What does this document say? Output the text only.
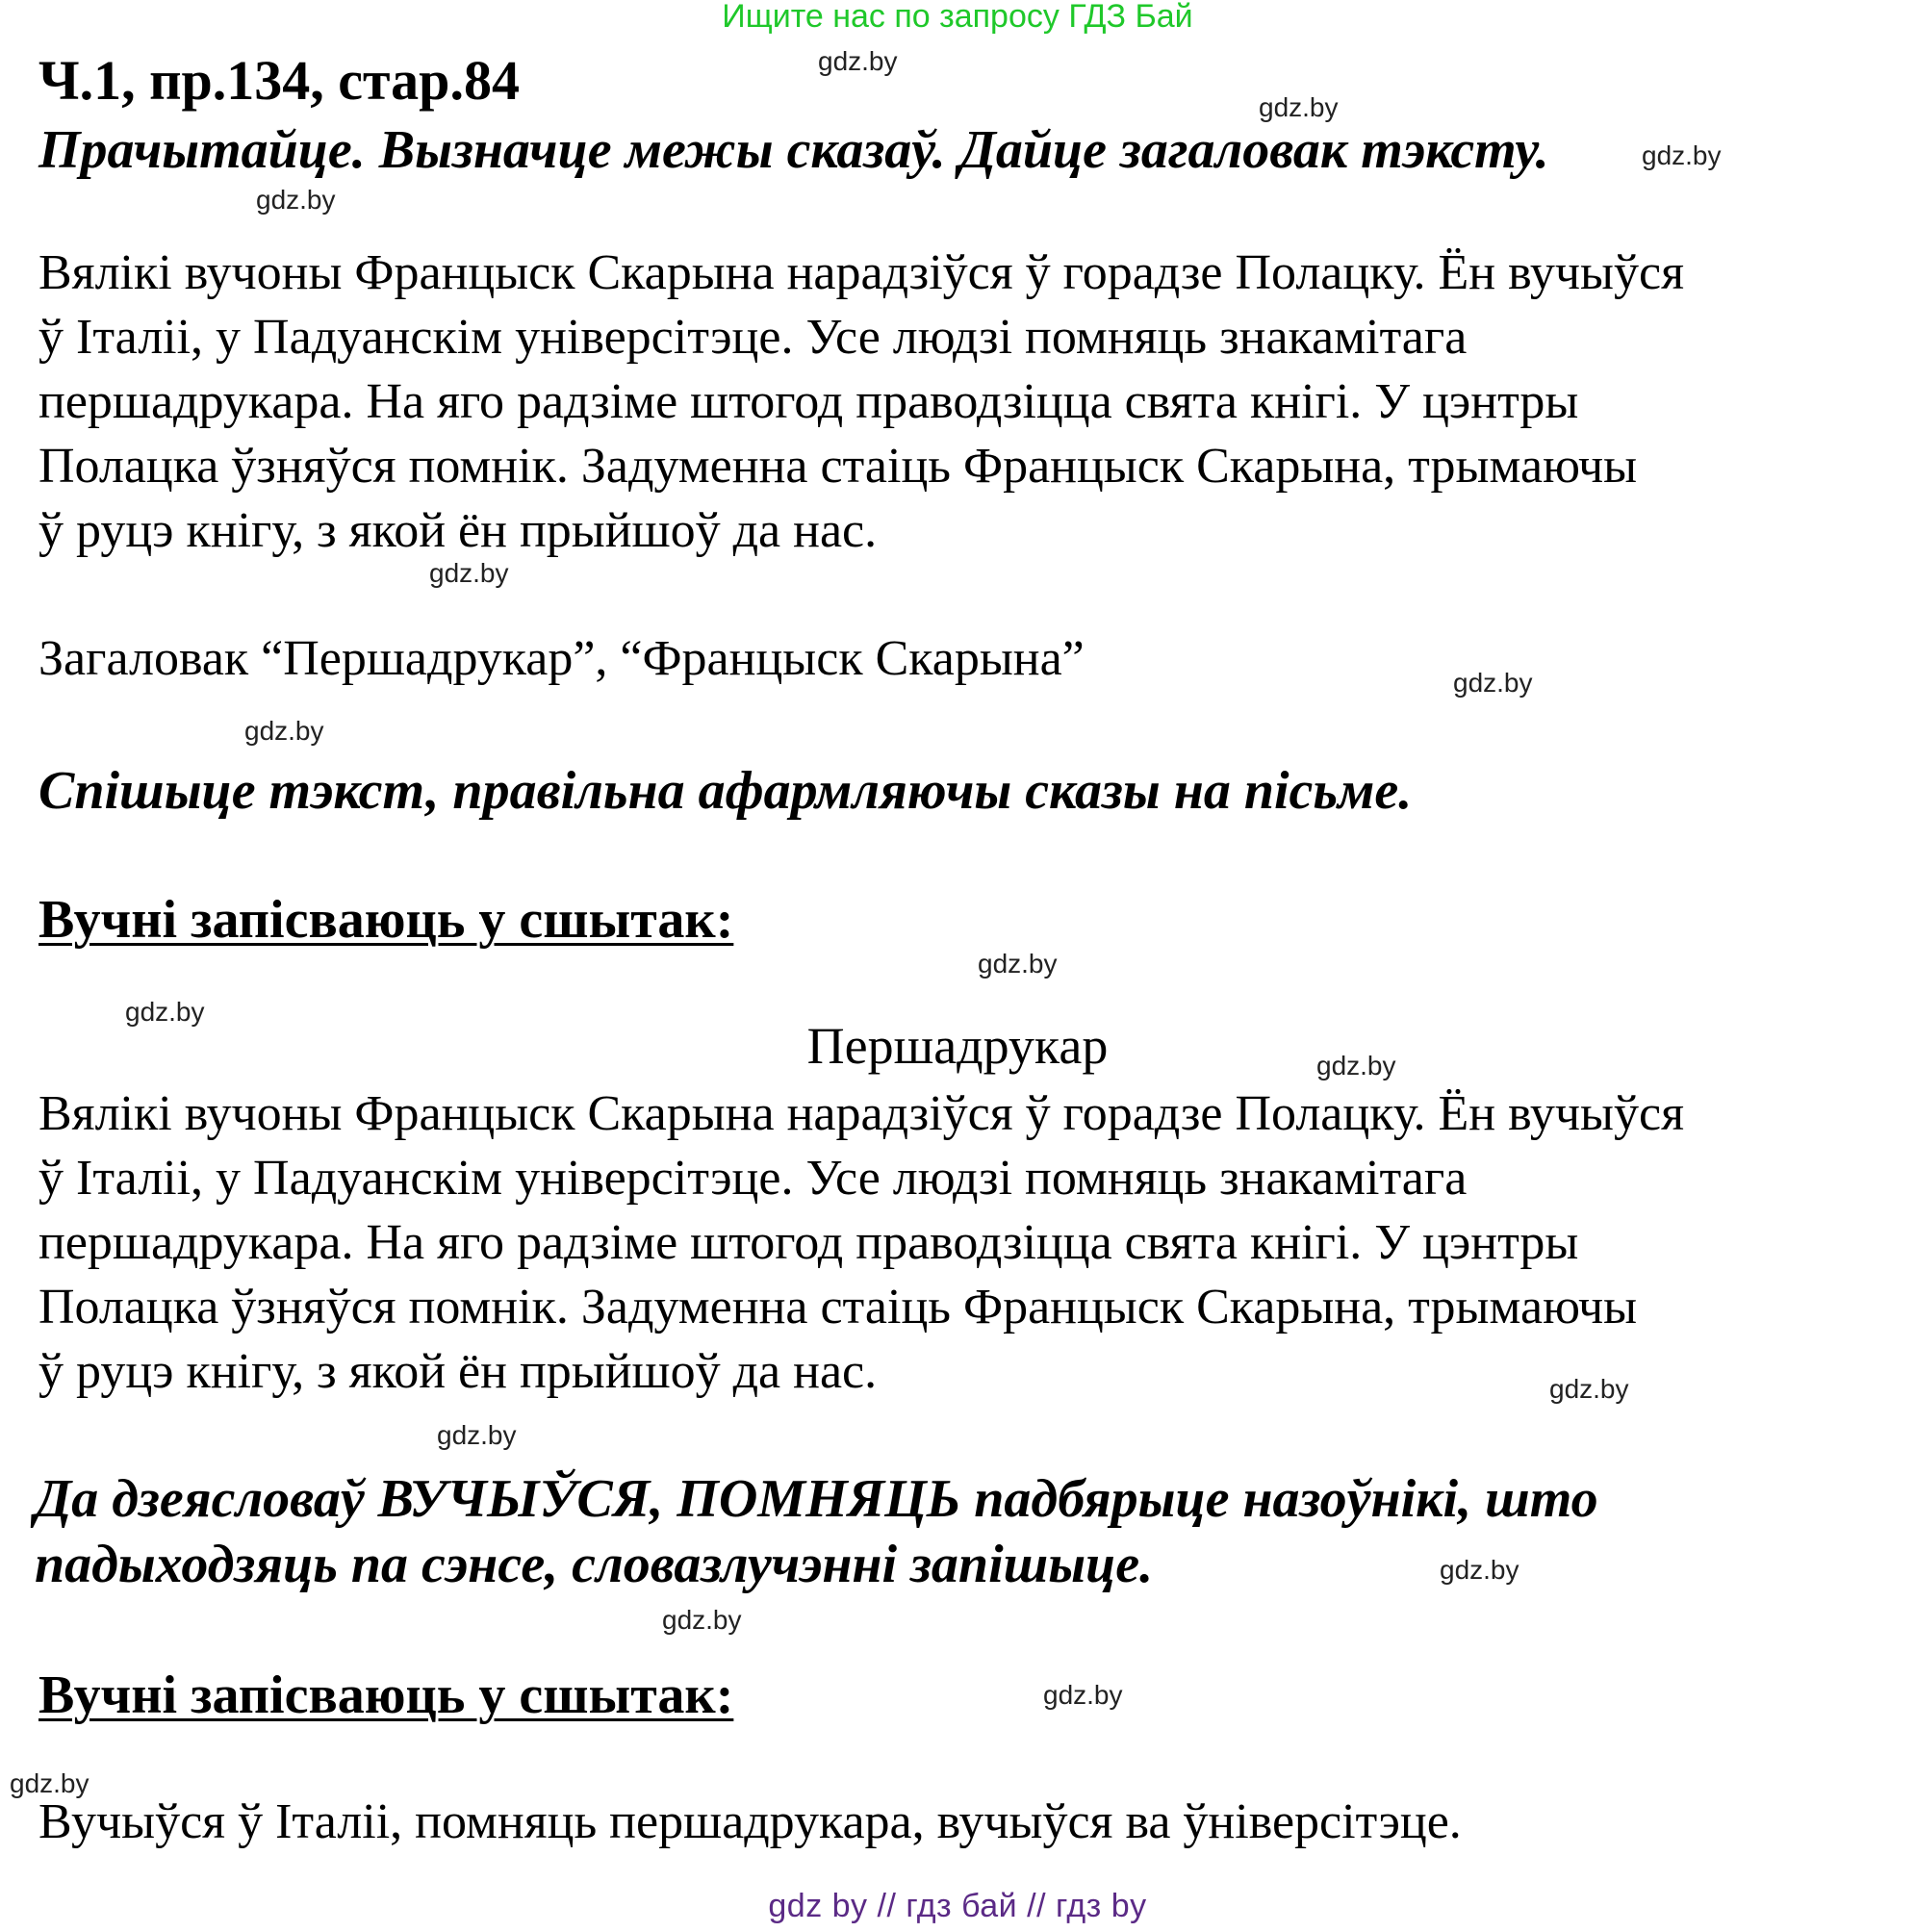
Ищите нас по запросу ГДЗ Бай
Ч.1, пр.134, стар.84
Прачытайце. Вызначце межы сказаў. Дайце загаловак тэксту.
Вялікі вучоны Францыск Скарына нарадзіўся ў горадзе Полацку. Ён вучыўся
ў Італіі, у Падуанскім універсітэце. Усе людзі помняць знакамітага
першадрукара. На яго радзіме штогод праводзіцца свята кнігі. У цэнтры
Полацка ўзняўся помнік. Задуменна стаіць Францыск Скарына, трымаючы
ў руцэ кнігу, з якой ён прыйшоў да нас.
Загаловак “Першадрукар”, “Францыск Скарына”
Спішыце тэкст, правільна афармляючы сказы на пісьме.
Вучні запісваюць у сшытак:
Першадрукар
Вялікі вучоны Францыск Скарына нарадзіўся ў горадзе Полацку. Ён вучыўся
ў Італіі, у Падуанскім універсітэце. Усе людзі помняць знакамітага
першадрукара. На яго радзіме штогод праводзіцца свята кнігі. У цэнтры
Полацка ўзняўся помнік. Задуменна стаіць Францыск Скарына, трымаючы
ў руцэ кнігу, з якой ён прыйшоў да нас.
Да дзеясловаў ВУЧЫЎСЯ, ПОМНЯЦЬ падбярыце назоўнікі, што
падыходзяць па сэнсе, словазлучэнні запішыце.
Вучні запісваюць у сшытак:
Вучыўся ў Італіі, помняць першадрукара, вучыўся ва ўніверсітэце.
gdz.by
gdz.by
gdz.by
gdz.by
gdz.by
gdz.by
gdz.by
gdz.by
gdz.by
gdz.by
gdz.by
gdz.by
gdz.by
gdz.by
gdz.by
gdz.by
gdz by // гдз бай // гдз by
